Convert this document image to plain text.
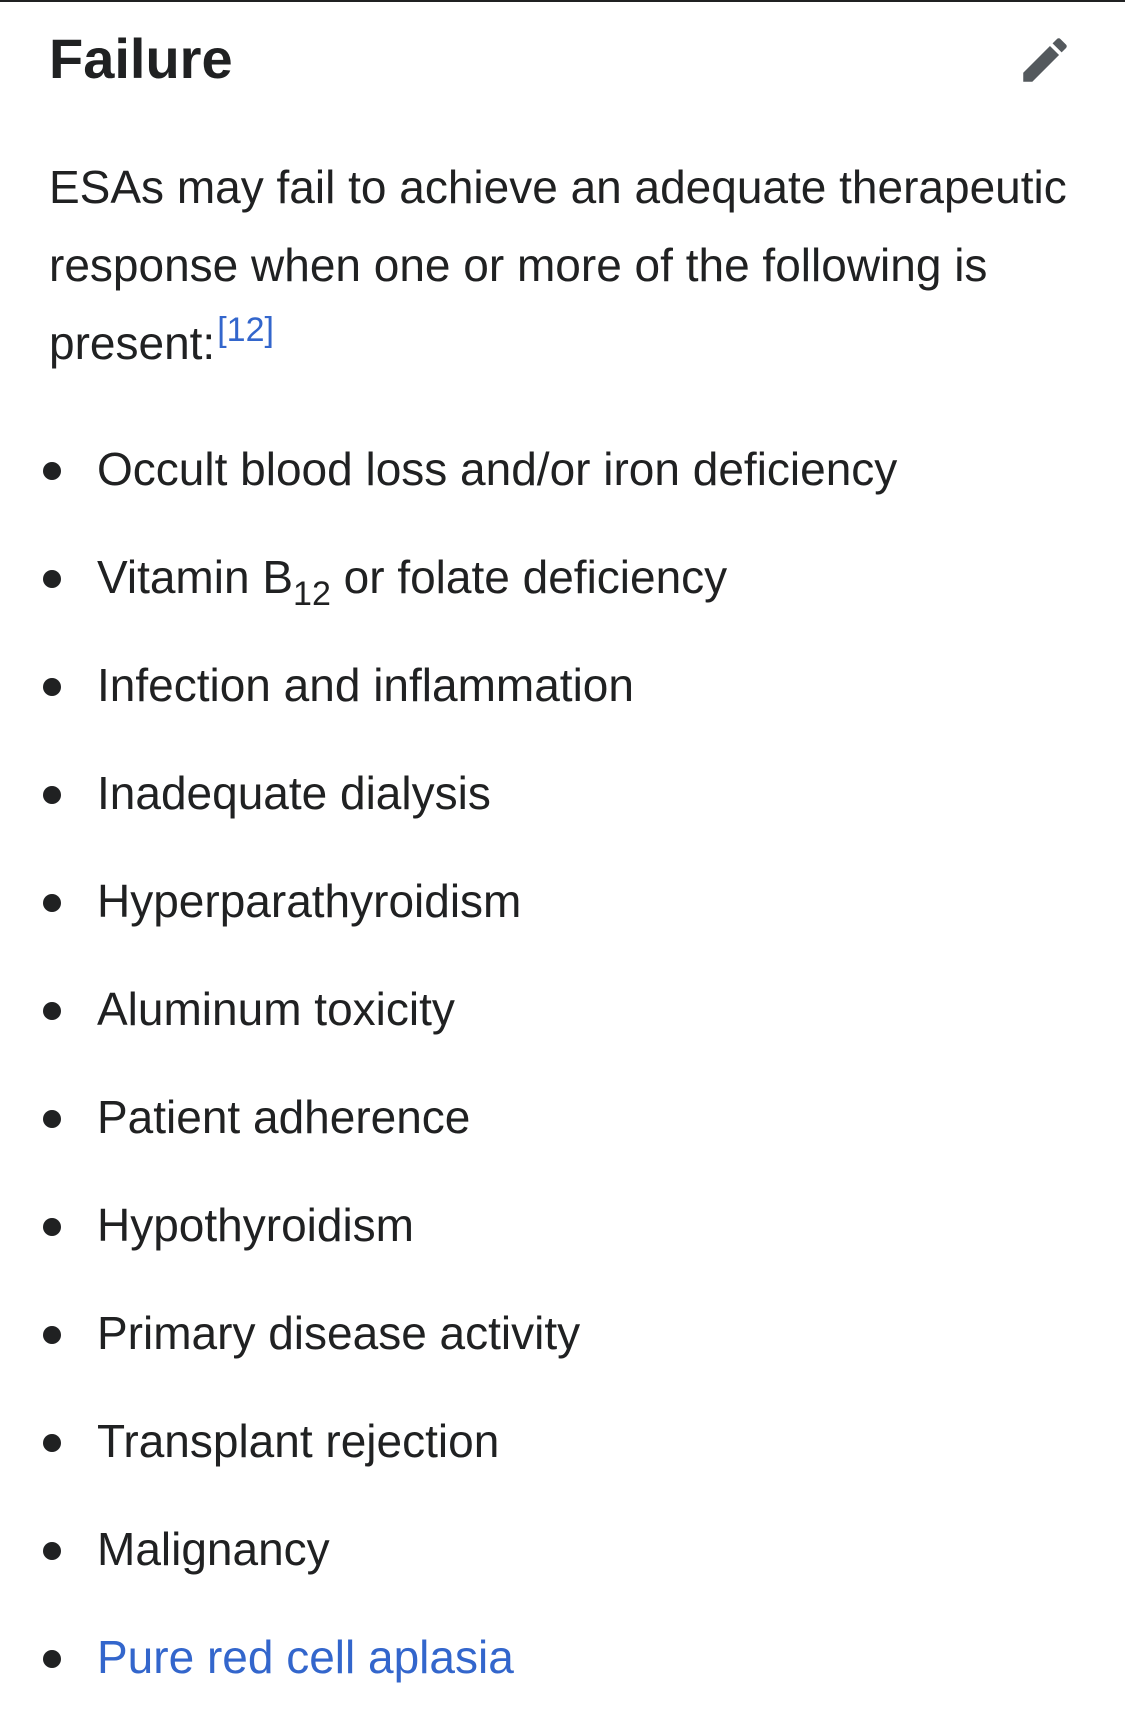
Failure

ESAs may fail to achieve an adequate therapeutic response when one or more of the following is present:[12]

Occult blood loss and/or iron deficiency
Vitamin $B_{12}$ or folate deficiency
Infection and inflammation
Inadequate dialysis
Hyperparathyroidism
Aluminum toxicity
Patient adherence
Hypothyroidism
Primary disease activity
Transplant rejection
Malignancy
Pure red cell aplasia
